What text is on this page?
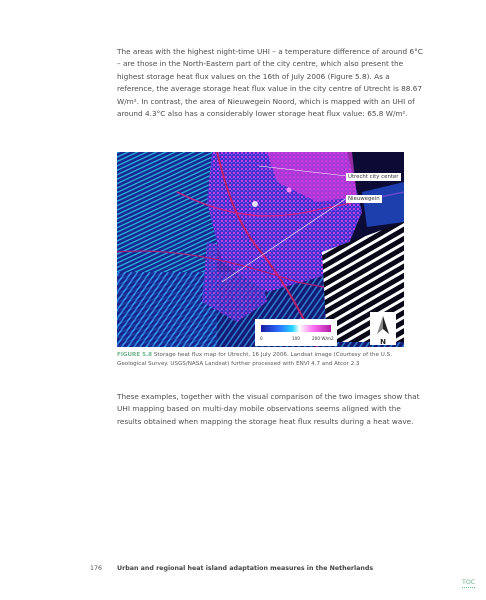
The areas with the highest night-time UHI – a temperature difference of around 6°C – are those in the North-Eastern part of the city centre, which also present the highest storage heat flux values on the 16th of July 2006 (Figure 5.8). As a reference, the average storage heat flux value in the city centre of Utrecht is 88.67 W/m². In contrast, the area of Nieuwegein Noord, which is mapped with an UHI of around 4.3°C also has a considerably lower storage heat flux value: 65.8 W/m².

Utrecht city center
Nieuwegein
0	100	200 W/m2	N

FIGURE 5.8 Storage heat flux map for Utrecht, 16 July 2006. Landsat image (Courtesy of the U.S. Geological Survey. USGS/NASA Landsat) further processed with ENVI 4.7 and Atcor 2.3

These examples, together with the visual comparison of the two images show that UHI mapping based on multi-day mobile observations seems aligned with the results obtained when mapping the storage heat flux results during a heat wave.

176 Urban and regional heat island adaptation measures in the Netherlands
TOC
